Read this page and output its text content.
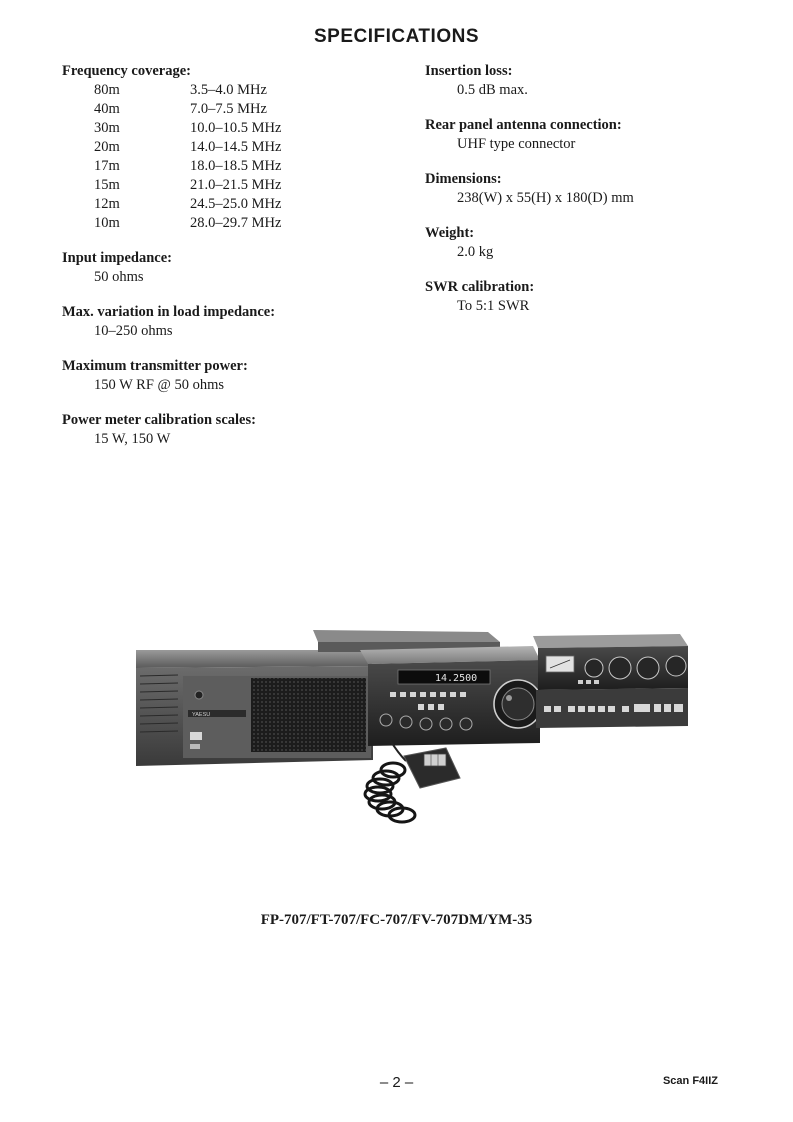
SPECIFICATIONS
Frequency coverage:
80m	3.5–4.0 MHz
40m	7.0–7.5 MHz
30m	10.0–10.5 MHz
20m	14.0–14.5 MHz
17m	18.0–18.5 MHz
15m	21.0–21.5 MHz
12m	24.5–25.0 MHz
10m	28.0–29.7 MHz
Input impedance:
50 ohms
Max. variation in load impedance:
10–250 ohms
Maximum transmitter power:
150 W RF @ 50 ohms
Power meter calibration scales:
15 W, 150 W
Insertion loss:
0.5 dB max.
Rear panel antenna connection:
UHF type connector
Dimensions:
238(W) x 55(H) x 180(D) mm
Weight:
2.0 kg
SWR calibration:
To 5:1 SWR
YAESU
14.2500
FP-707/FT-707/FC-707/FV-707DM/YM-35
– 2 –	Scan F4IIZ
